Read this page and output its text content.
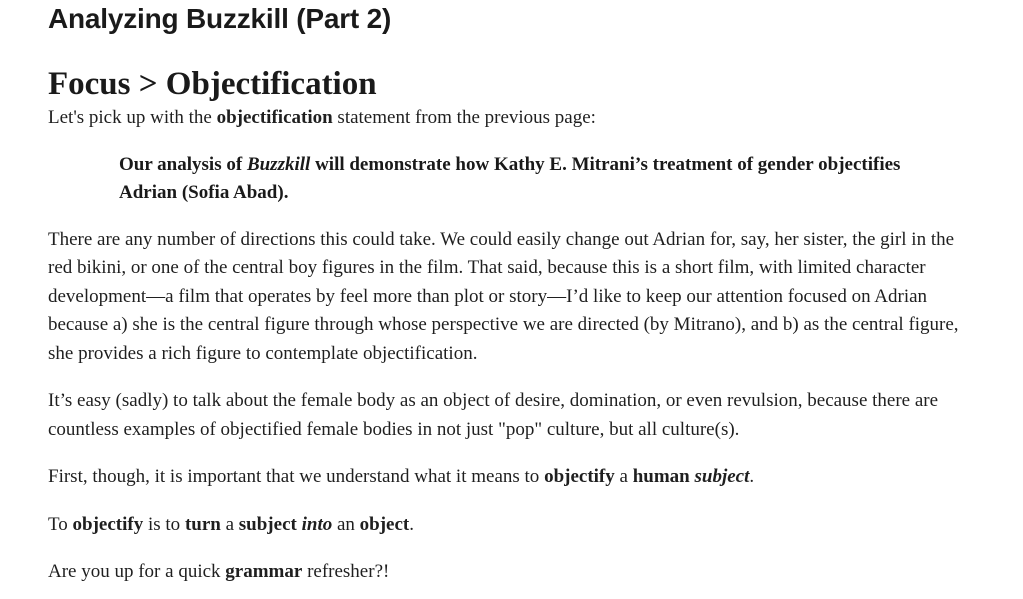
Analyzing Buzzkill (Part 2)
Focus > Objectification

Let's pick up with the objectification statement from the previous page:

Our analysis of Buzzkill will demonstrate how Kathy E. Mitrani’s treatment of gender objectifies Adrian (Sofia Abad).

There are any number of directions this could take. We could easily change out Adrian for, say, her sister, the girl in the red bikini, or one of the central boy figures in the film. That said, because this is a short film, with limited character development—a film that operates by feel more than plot or story—I’d like to keep our attention focused on Adrian because a) she is the central figure through whose perspective we are directed (by Mitrano), and b) as the central figure, she provides a rich figure to contemplate objectification.

It’s easy (sadly) to talk about the female body as an object of desire, domination, or even revulsion, because there are countless examples of objectified female bodies in not just "pop" culture, but all culture(s).

First, though, it is important that we understand what it means to objectify a human subject.

To objectify is to turn a subject into an object.

Are you up for a quick grammar refresher?!
